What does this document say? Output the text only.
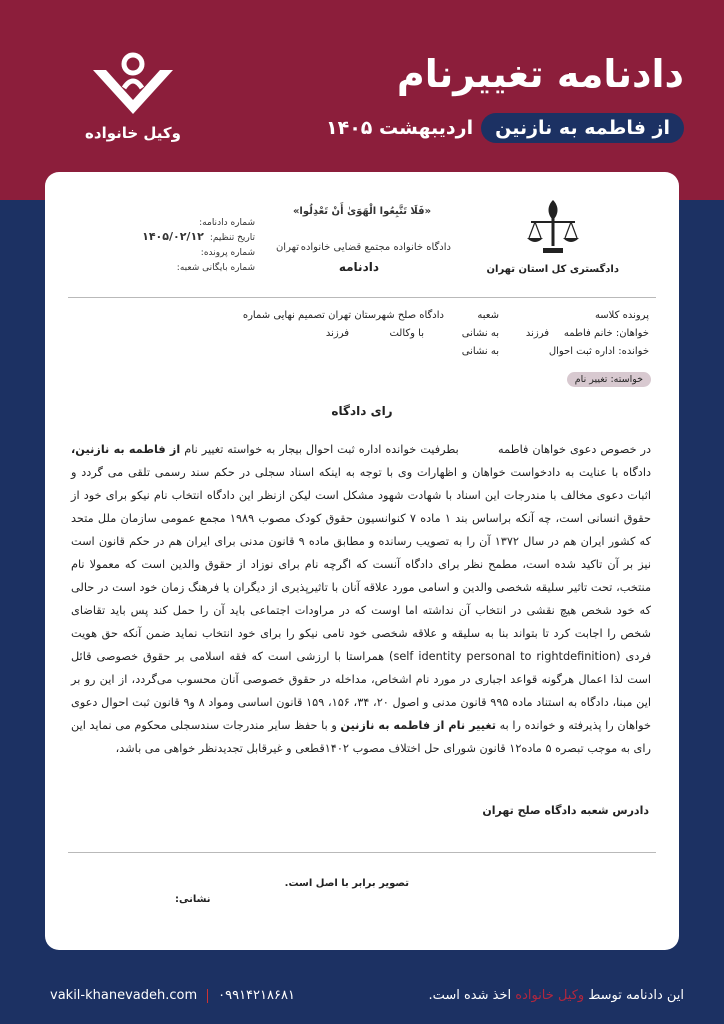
وکیل خانواده
دادنامه تغییرنام
از فاطمه به نازنین
اردیبهشت ۱۴۰۵
دادگستری کل استان تهران
«فَلَا تَتَّبِعُوا الْهَوَىٰ أَنْ تَعْدِلُوا»
دادگاه خانواده مجتمع قضایی خانواده
تهران
دادنامه
شماره دادنامه:
تاریخ تنظیم:۱۴۰۵/۰۲/۱۲
شماره پرونده:
شماره بایگانی شعبه:
پرونده کلاسه
شعبه
دادگاه صلح شهرستان تهران تصمیم نهایی شماره
خواهان: خانم فاطمه
فرزند
به نشانی
با وکالت
فرزند
خوانده: اداره ثبت احوال
به نشانی
خواسته: تغییر نام
رای دادگاه
در خصوص دعوی خواهان فاطمه          بطرفیت خوانده اداره ثبت احوال بیجار به خواسته تغییر نام از فاطمه به نازنین، دادگاه با عنایت به دادخواست خواهان و اظهارات وی با توجه به اینکه اسناد سجلی در حکم سند رسمی تلقی می گردد و اثبات دعوی مخالف با مندرجات این اسناد با شهادت شهود مشکل است لیکن ازنظر این دادگاه انتخاب نام نیکو برای خود از حقوق انسانی است، چه آنکه براساس بند ۱ ماده ۷ کنوانسیون حقوق کودک مصوب ۱۹۸۹ مجمع عمومی سازمان ملل متحد که کشور ایران هم در سال ۱۳۷۲ آن را به تصویب رسانده و مطابق ماده ۹ قانون مدنی برای ایران هم در حکم قانون است نیز بر آن تاکید شده است، مطمح نظر برای دادگاه آنست که اگرچه نام برای نوزاد از حقوق والدین است که معمولا نام منتخب، تحت تاثیر سلیقه شخصی والدین و اسامی مورد علاقه آنان با تاثیرپذیری از دیگران یا فرهنگ زمان خود است در حالی که خود شخص هیچ نقشی در انتخاب آن نداشته اما اوست که در مراودات اجتماعی باید آن را حمل کند پس باید تقاضای شخص را اجابت کرد تا بتواند بنا به سلیقه و علاقه شخصی خود نامی نیکو را برای خود انتخاب نماید ضمن آنکه حق هویت فردی (self identity personal to rightdefinition) همراستا با ارزشی است که فقه اسلامی بر حقوق خصوصی قائل است لذا اعمال هرگونه قواعد اجباری در مورد نام اشخاص، مداخله در حقوق خصوصی آنان محسوب می‌گردد، از این رو بر این مبنا، دادگاه به استناد ماده ۹۹۵ قانون مدنی و اصول ۲۰، ۳۴، ۱۵۶، ۱۵۹ قانون اساسی ومواد ۸ و۹ قانون ثبت احوال دعوی خواهان را پذیرفته و خوانده را به تغییر نام از فاطمه به نازنین و با حفظ سایر مندرجات سندسجلی محکوم می نماید این رای به موجب تبصره ۵ ماده۱۲ قانون شورای حل اختلاف مصوب ۱۴۰۲قطعی و غیرقابل تجدیدنظر خواهی می باشد،
دادرس شعبه دادگاه صلح تهران
تصویر برابر با اصل است.
نشانی:
vakil-khanevadeh.com ۰۹۹۱۴۲۱۸۶۸۱	این دادنامه توسط وکیل خانواده اخذ شده است.
